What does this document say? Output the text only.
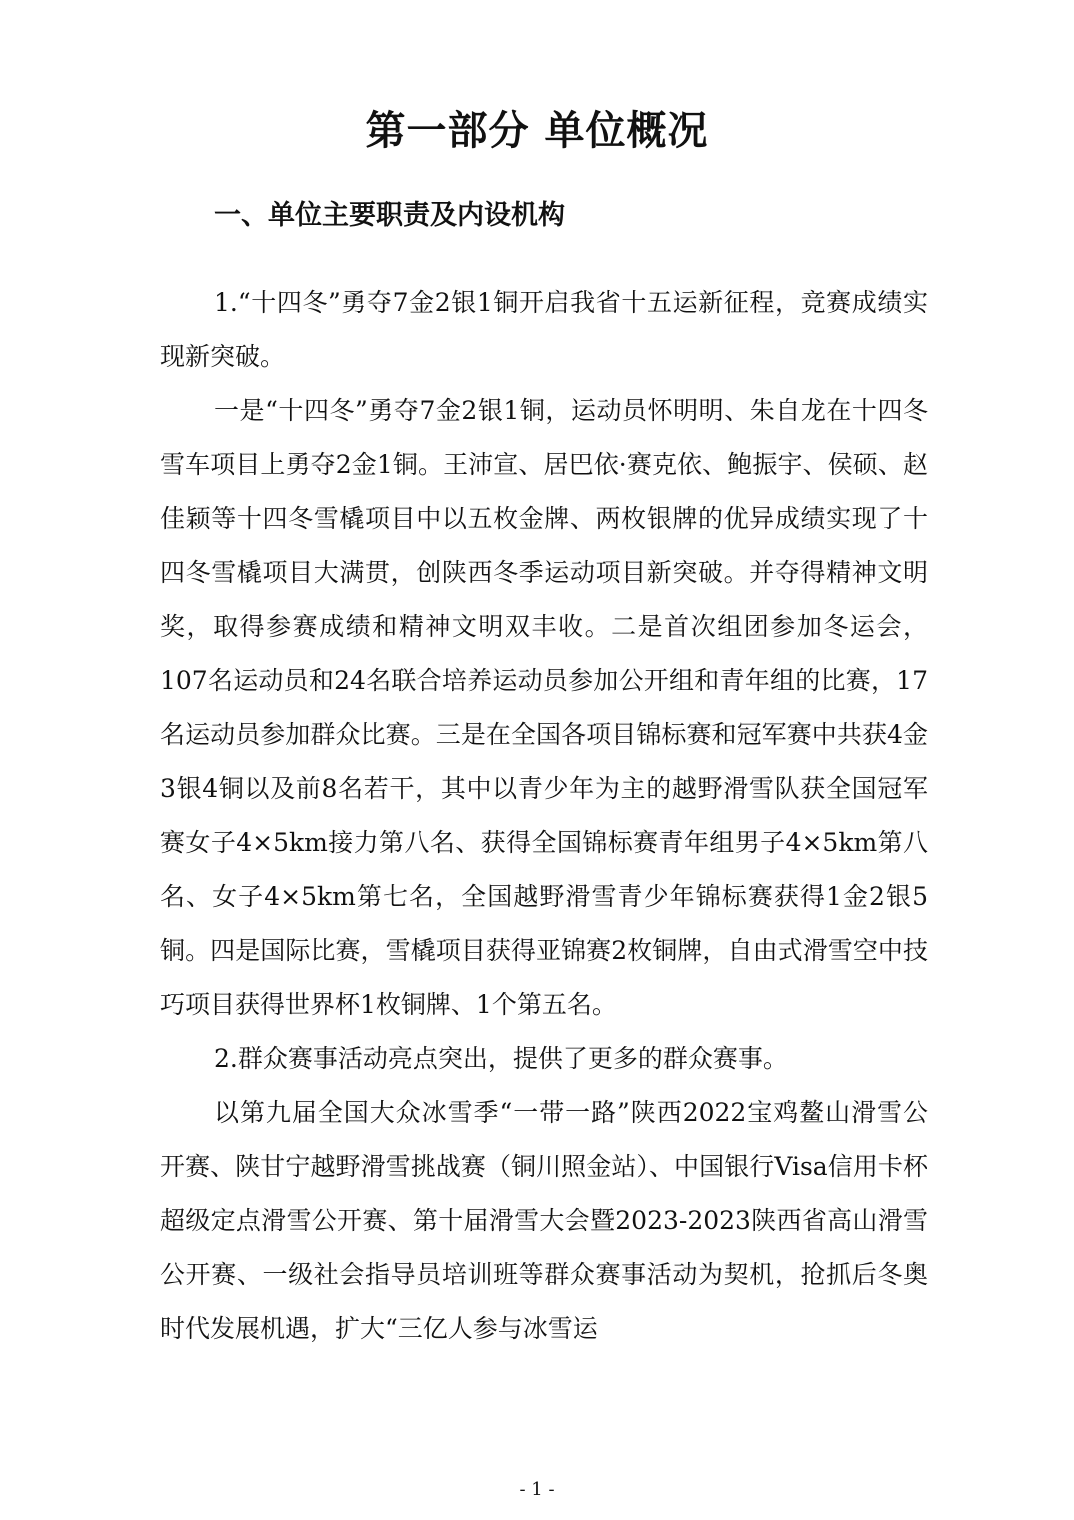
第一部分 单位概况
一、单位主要职责及内设机构

1.“十四冬”勇夺7金2银1铜开启我省十五运新征程，竞赛成绩实现新突破。

一是“十四冬”勇夺7金2银1铜，运动员怀明明、朱自龙在十四冬雪车项目上勇夺2金1铜。王沛宣、居巴依·赛克依、鲍振宇、侯硕、赵佳颖等十四冬雪橇项目中以五枚金牌、两枚银牌的优异成绩实现了十四冬雪橇项目大满贯，创陕西冬季运动项目新突破。并夺得精神文明奖，取得参赛成绩和精神文明双丰收。二是首次组团参加冬运会，107名运动员和24名联合培养运动员参加公开组和青年组的比赛，17名运动员参加群众比赛。三是在全国各项目锦标赛和冠军赛中共获4金3银4铜以及前8名若干，其中以青少年为主的越野滑雪队获全国冠军赛女子4×5km接力第八名、获得全国锦标赛青年组男子4×5km第八名、女子4×5km第七名，全国越野滑雪青少年锦标赛获得1金2银5铜。四是国际比赛，雪橇项目获得亚锦赛2枚铜牌，自由式滑雪空中技巧项目获得世界杯1枚铜牌、1个第五名。

2.群众赛事活动亮点突出，提供了更多的群众赛事。

以第九届全国大众冰雪季“一带一路”陕西2022宝鸡鳌山滑雪公开赛、陕甘宁越野滑雪挑战赛（铜川照金站）、中国银行Visa信用卡杯超级定点滑雪公开赛、第十届滑雪大会暨2023-2023陕西省高山滑雪公开赛、一级社会指导员培训班等群众赛事活动为契机，抢抓后冬奥时代发展机遇，扩大“三亿人参与冰雪运

- 1 -
